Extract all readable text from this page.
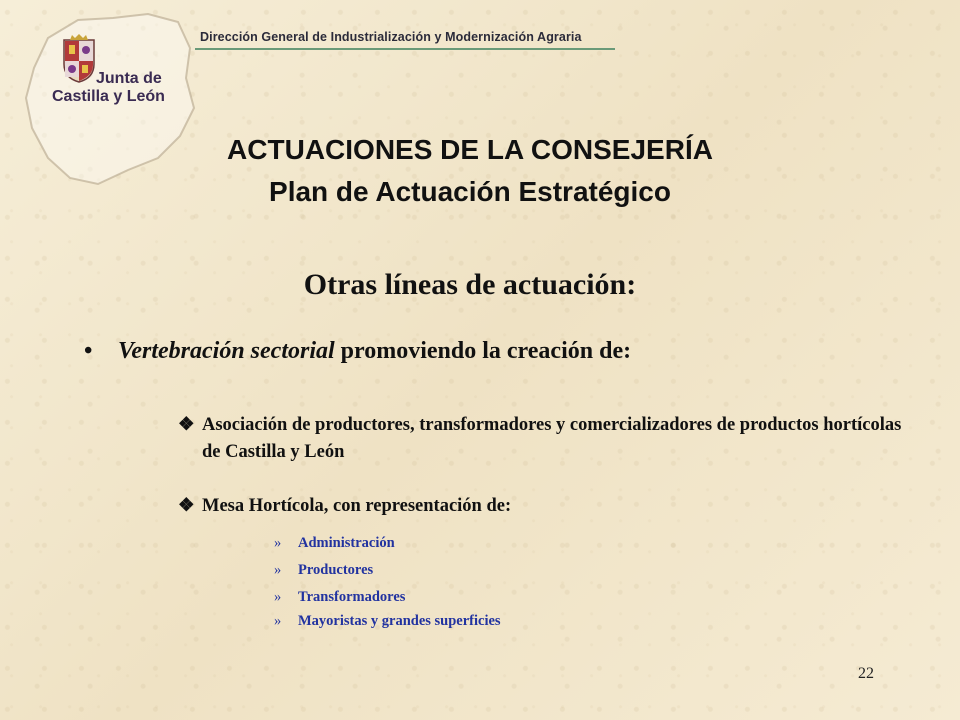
Junta de
Castilla y León
Dirección General de Industrialización y Modernización Agraria
ACTUACIONES DE LA CONSEJERÍA
Plan de Actuación Estratégico
Otras líneas de actuación:
• Vertebración sectorial promoviendo la creación de:
❖ Asociación de productores, transformadores y comercializadores de productos hortícolas de Castilla y León
❖ Mesa Hortícola, con representación de:
» Administración
» Productores
» Transformadores
» Mayoristas y grandes superficies
22
